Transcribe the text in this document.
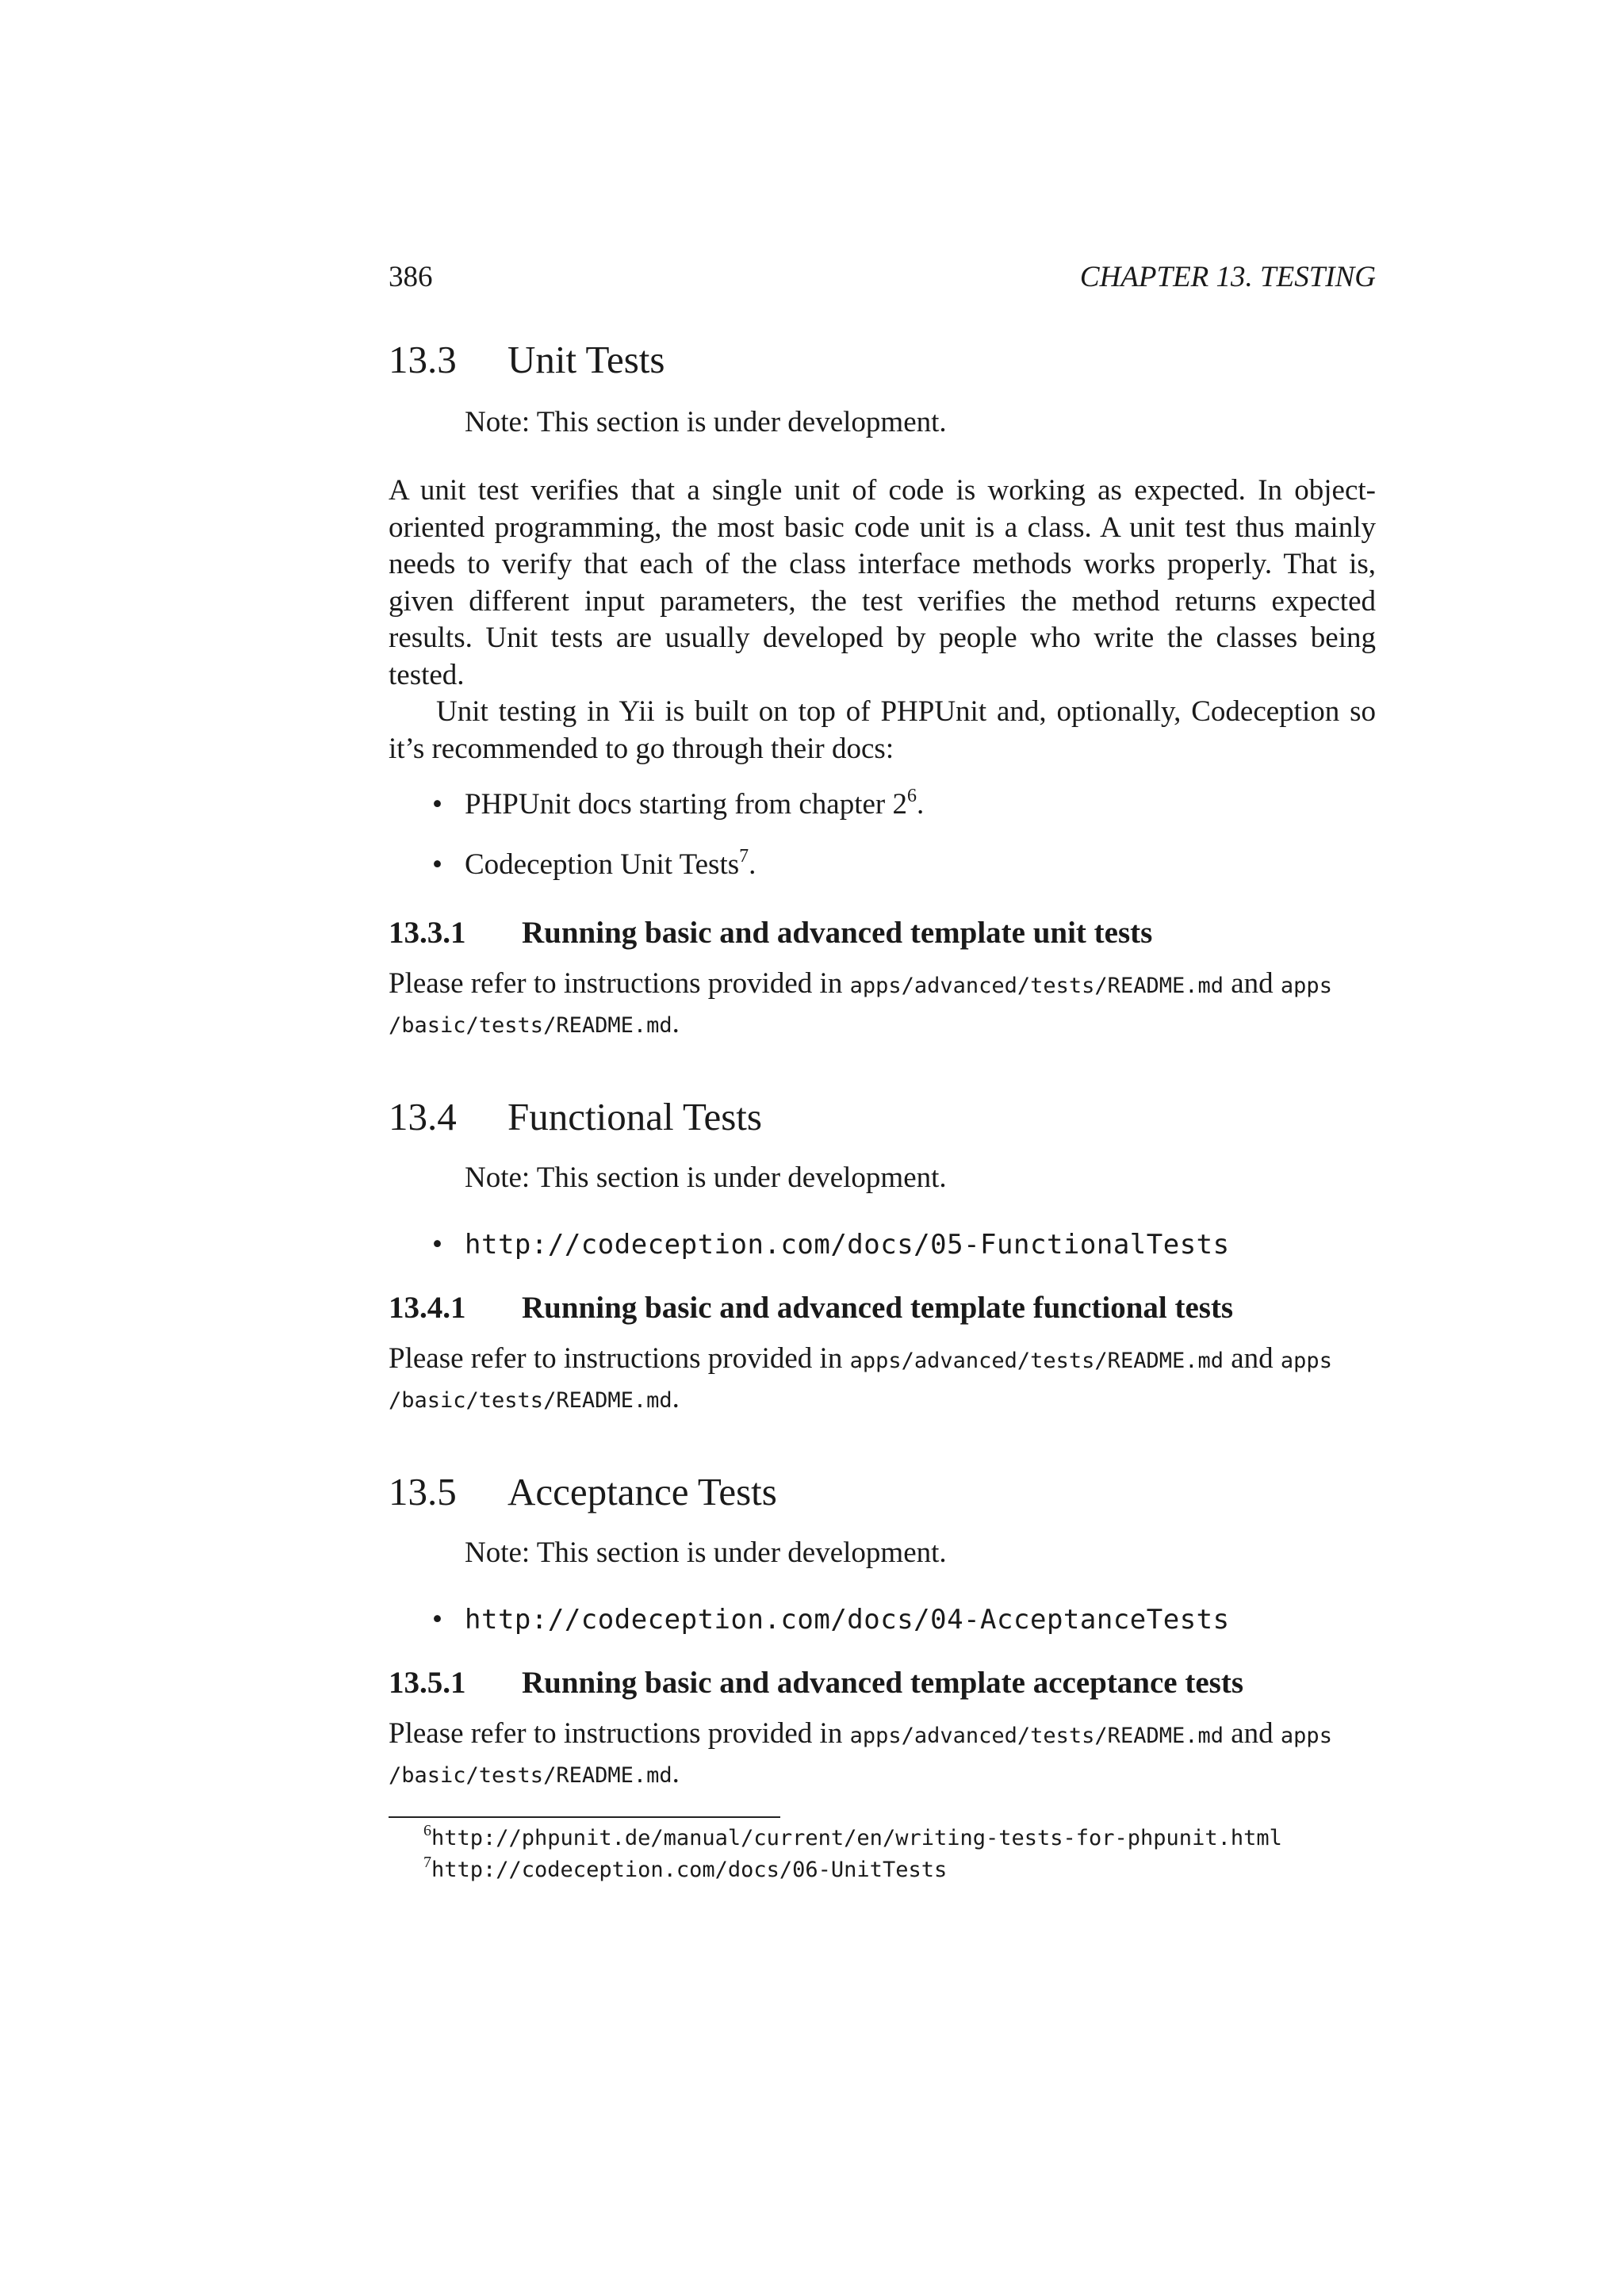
386	CHAPTER 13. TESTING
13.3 Unit Tests

Note: This section is under development.

A unit test verifies that a single unit of code is working as expected. In object-oriented programming, the most basic code unit is a class. A unit test thus mainly needs to verify that each of the class interface methods works properly. That is, given different input parameters, the test verifies the method returns expected results. Unit tests are usually developed by people who write the classes being tested.

Unit testing in Yii is built on top of PHPUnit and, optionally, Codeception so it’s recommended to go through their docs:

• PHPUnit docs starting from chapter $2^6$.
• Codeception Unit Tests$^7$.
13.3.1 Running basic and advanced template unit tests

Please refer to instructions provided in apps/advanced/tests/README.md and apps
/basic/tests/README.md.

13.4 Functional Tests

Note: This section is under development.

• http://codeception.com/docs/05-FunctionalTests
13.4.1 Running basic and advanced template functional tests

Please refer to instructions provided in apps/advanced/tests/README.md and apps
/basic/tests/README.md.

13.5 Acceptance Tests

Note: This section is under development.

• http://codeception.com/docs/04-AcceptanceTests
13.5.1 Running basic and advanced template acceptance tests

Please refer to instructions provided in apps/advanced/tests/README.md and apps
/basic/tests/README.md.

$^6$http://phpunit.de/manual/current/en/writing-tests-for-phpunit.html
$^7$http://codeception.com/docs/06-UnitTests
